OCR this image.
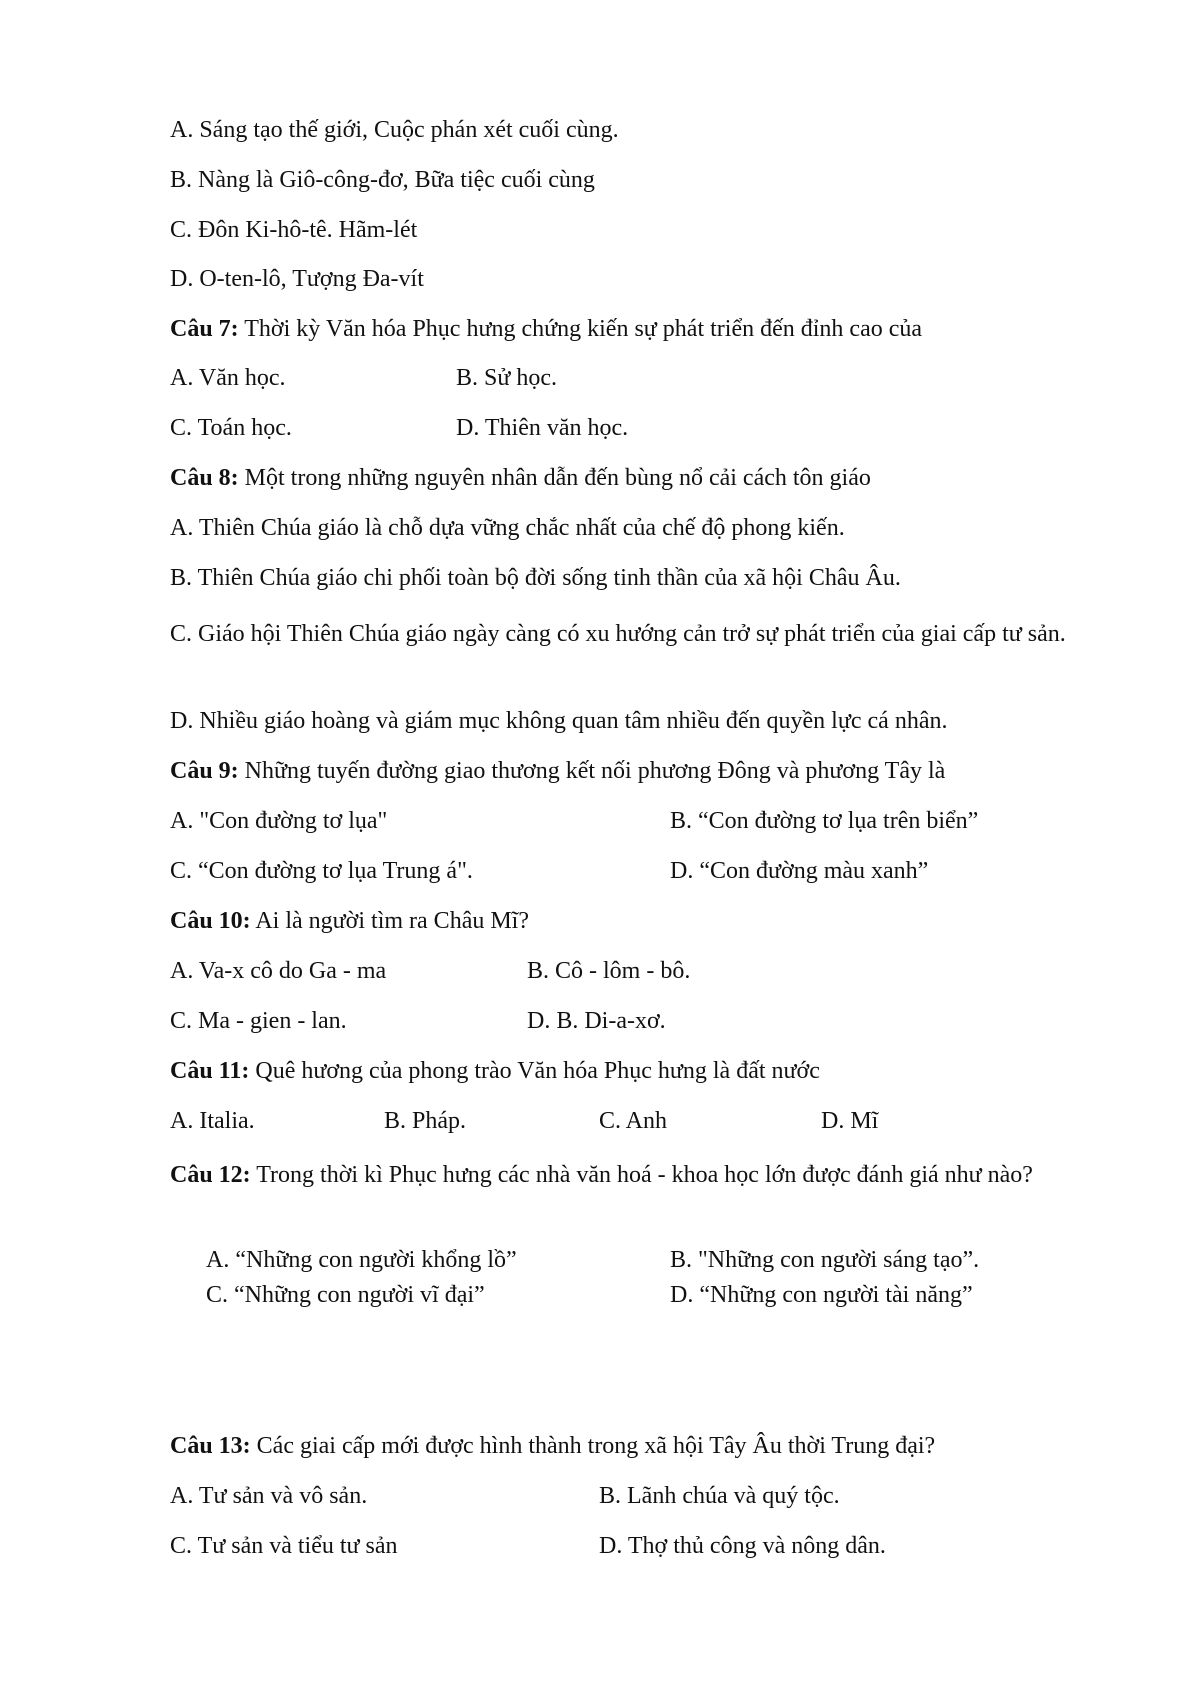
A. Sáng tạo thế giới, Cuộc phán xét cuối cùng.
B. Nàng là Giô-công-đơ, Bữa tiệc cuối cùng
C. Đôn Ki-hô-tê. Hãm-lét
D. O-ten-lô, Tượng Đa-vít
Câu 7: Thời kỳ Văn hóa Phục hưng chứng kiến sự phát triển đến đỉnh cao của
A. Văn học.	B. Sử học.
C. Toán học.	D. Thiên văn học.
Câu 8: Một trong những nguyên nhân dẫn đến bùng nổ cải cách tôn giáo
A. Thiên Chúa giáo là chỗ dựa vững chắc nhất của chế độ phong kiến.
B. Thiên Chúa giáo chi phối toàn bộ đời sống tinh thần của xã hội Châu Âu.
C. Giáo hội Thiên Chúa giáo ngày càng có xu hướng cản trở sự phát triển của giai cấp tư sản.
D. Nhiều giáo hoàng và giám mục không quan tâm nhiều đến quyền lực cá nhân.
Câu 9: Những tuyến đường giao thương kết nối phương Đông và phương Tây là
A. "Con đường tơ lụa"	B. “Con đường tơ lụa trên biển”
C. “Con đường tơ lụa Trung á".	D. “Con đường màu xanh”
Câu 10: Ai là người tìm ra Châu Mĩ?
A. Va-x cô do Ga - ma	B. Cô - lôm - bô.
C. Ma - gien - lan.	D. B. Di-a-xơ.
Câu 11: Quê hương của phong trào Văn hóa Phục hưng là đất nước
A. Italia.	B. Pháp.	C. Anh	D. Mĩ
Câu 12: Trong thời kì Phục hưng các nhà văn hoá - khoa học lớn được đánh giá như nào?
A. “Những con người khổng lồ”	B. "Những con người sáng tạo”.
C. “Những con người vĩ đại”	D. “Những con người tài năng”
Câu 13: Các giai cấp mới được hình thành trong xã hội Tây Âu thời Trung đại?
A. Tư sản và vô sản.	B. Lãnh chúa và quý tộc.
C. Tư sản và tiểu tư sản	D. Thợ thủ công và nông dân.
